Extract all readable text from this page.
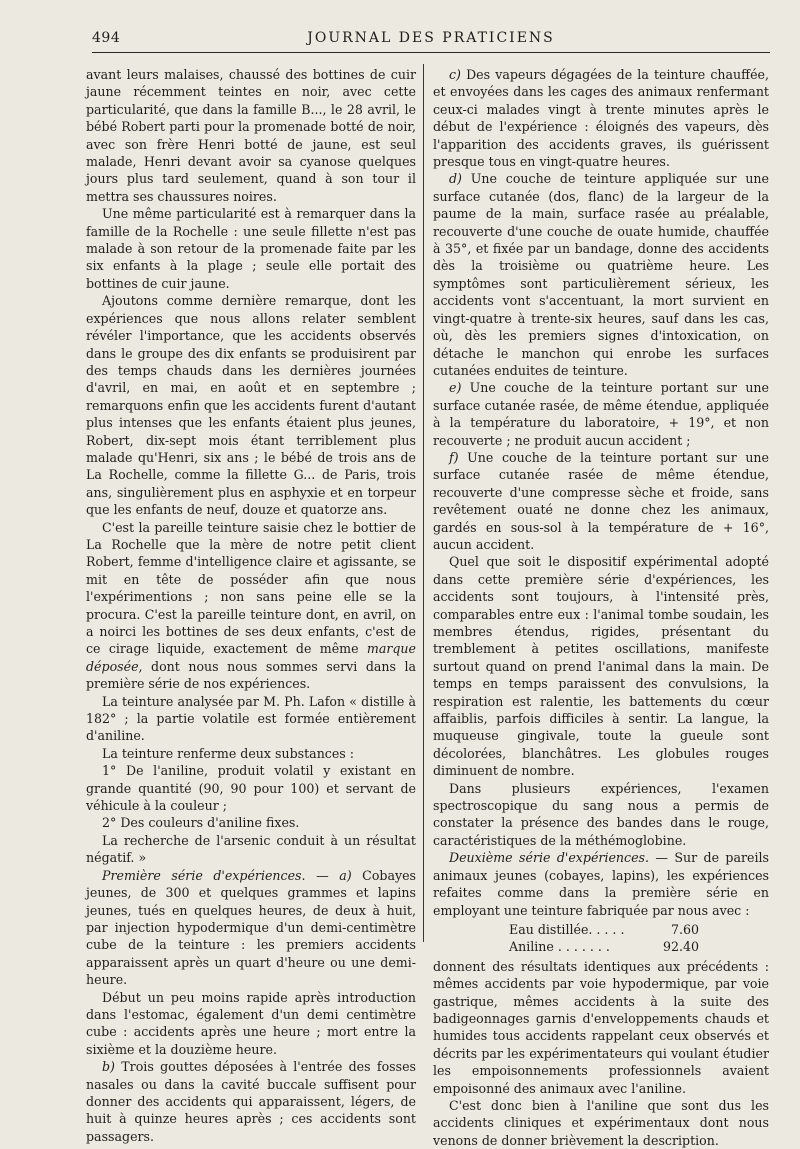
494	JOURNAL DES PRATICIENS

avant leurs malaises, chaussé des bottines de cuir jaune récemment teintes en noir, avec cette particularité, que dans la famille B..., le 28 avril, le bébé Robert parti pour la promenade botté de noir, avec son frère Henri botté de jaune, est seul malade, Henri devant avoir sa cyanose quelques jours plus tard seulement, quand à son tour il mettra ses chaussures noires.

Une même particularité est à remarquer dans la famille de la Rochelle : une seule fillette n'est pas malade à son retour de la promenade faite par les six enfants à la plage ; seule elle portait des bottines de cuir jaune.

Ajoutons comme dernière remarque, dont les expériences que nous allons relater semblent révéler l'importance, que les accidents observés dans le groupe des dix enfants se produisirent par des temps chauds dans les dernières journées d'avril, en mai, en août et en septembre ; remarquons enfin que les accidents furent d'autant plus intenses que les enfants étaient plus jeunes, Robert, dix-sept mois étant terriblement plus malade qu'Henri, six ans ; le bébé de trois ans de La Rochelle, comme la fillette G... de Paris, trois ans, singulièrement plus en asphyxie et en torpeur que les enfants de neuf, douze et quatorze ans.

C'est la pareille teinture saisie chez le bottier de La Rochelle que la mère de notre petit client Robert, femme d'intelligence claire et agissante, se mit en tête de posséder afin que nous l'expérimentions ; non sans peine elle se la procura. C'est la pareille teinture dont, en avril, on a noirci les bottines de ses deux enfants, c'est de ce cirage liquide, exactement de même marque déposée, dont nous nous sommes servi dans la première série de nos expériences.

La teinture analysée par M. Ph. Lafon « distille à 182° ; la partie volatile est formée entièrement d'aniline.

La teinture renferme deux substances :

1° De l'aniline, produit volatil y existant en grande quantité (90, 90 pour 100) et servant de véhicule à la couleur ;

2° Des couleurs d'aniline fixes.

La recherche de l'arsenic conduit à un résultat négatif. »

Première série d'expériences. — a) Cobayes jeunes, de 300 et quelques grammes et lapins jeunes, tués en quelques heures, de deux à huit, par injection hypodermique d'un demi-centimètre cube de la teinture : les premiers accidents apparaissent après un quart d'heure ou une demi-heure.

Début un peu moins rapide après introduction dans l'estomac, également d'un demi centimètre cube : accidents après une heure ; mort entre la sixième et la douzième heure.

b) Trois gouttes déposées à l'entrée des fosses nasales ou dans la cavité buccale suffisent pour donner des accidents qui apparaissent, légers, de huit à quinze heures après ; ces accidents sont passagers.

c) Des vapeurs dégagées de la teinture chauffée, et envoyées dans les cages des animaux renfermant ceux-ci malades vingt à trente minutes après le début de l'expérience : éloignés des vapeurs, dès l'apparition des accidents graves, ils guérissent presque tous en vingt-quatre heures.

d) Une couche de teinture appliquée sur une surface cutanée (dos, flanc) de la largeur de la paume de la main, surface rasée au préalable, recouverte d'une couche de ouate humide, chauffée à 35°, et fixée par un bandage, donne des accidents dès la troisième ou quatrième heure. Les symptômes sont particulièrement sérieux, les accidents vont s'accentuant, la mort survient en vingt-quatre à trente-six heures, sauf dans les cas, où, dès les premiers signes d'intoxication, on détache le manchon qui enrobe les surfaces cutanées enduites de teinture.

e) Une couche de la teinture portant sur une surface cutanée rasée, de même étendue, appliquée à la température du laboratoire, + 19°, et non recouverte ; ne produit aucun accident ;

f) Une couche de la teinture portant sur une surface cutanée rasée de même étendue, recouverte d'une compresse sèche et froide, sans revêtement ouaté ne donne chez les animaux, gardés en sous-sol à la température de + 16°, aucun accident.

Quel que soit le dispositif expérimental adopté dans cette première série d'expériences, les accidents sont toujours, à l'intensité près, comparables entre eux : l'animal tombe soudain, les membres étendus, rigides, présentant du tremblement à petites oscillations, manifeste surtout quand on prend l'animal dans la main. De temps en temps paraissent des convulsions, la respiration est ralentie, les battements du cœur affaiblis, parfois difficiles à sentir. La langue, la muqueuse gingivale, toute la gueule sont décolorées, blanchâtres. Les globules rouges diminuent de nombre.

Dans plusieurs expériences, l'examen spectroscopique du sang nous a permis de constater la présence des bandes dans le rouge, caractéristiques de la méthémoglobine.

Deuxième série d'expériences. — Sur de pareils animaux jeunes (cobayes, lapins), les expériences refaites comme dans la première série en employant une teinture fabriquée par nous avec :

Eau distillée. . . . .	7.60
Aniline . . . . . . .	92.40

donnent des résultats identiques aux précédents : mêmes accidents par voie hypodermique, par voie gastrique, mêmes accidents à la suite des badigeonnages garnis d'enveloppements chauds et humides tous accidents rappelant ceux observés et décrits par les expérimentateurs qui voulant étudier les empoisonnements professionnels avaient empoisonné des animaux avec l'aniline.

C'est donc bien à l'aniline que sont dus les accidents cliniques et expérimentaux dont nous venons de donner brièvement la description.
